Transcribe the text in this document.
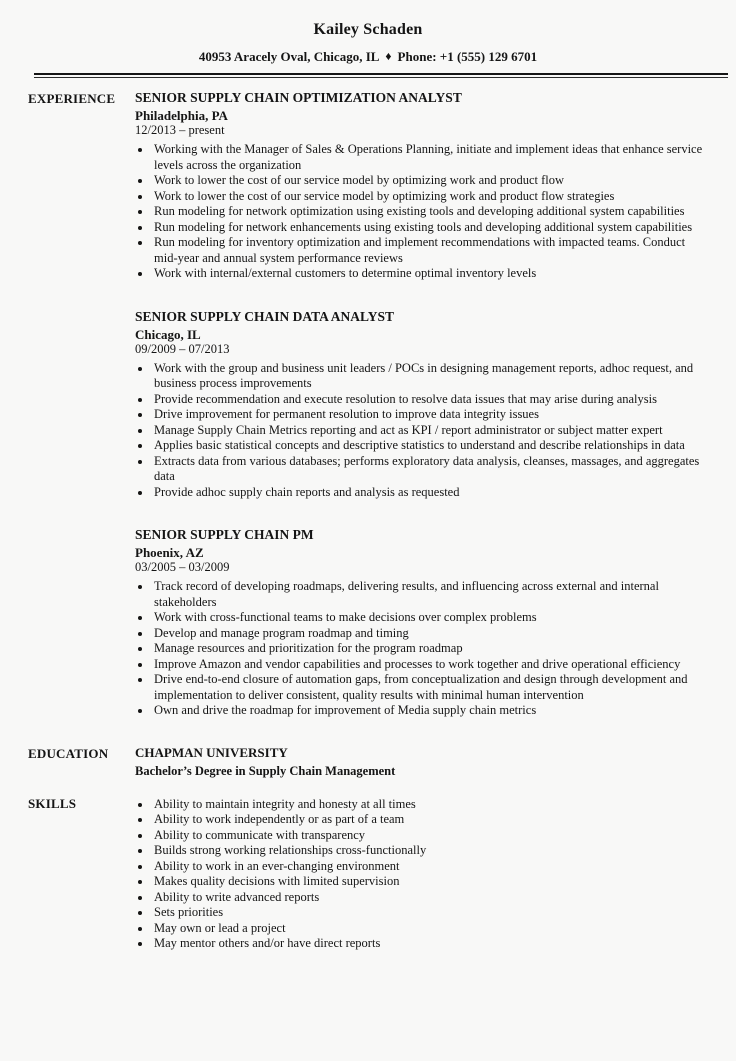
Kailey Schaden
40953 Aracely Oval, Chicago, IL ♦ Phone: +1 (555) 129 6701
EXPERIENCE	SENIOR SUPPLY CHAIN OPTIMIZATION ANALYST
Philadelphia, PA
12/2013 – present
• Working with the Manager of Sales & Operations Planning, initiate and implement ideas that enhance service levels across the organization
• Work to lower the cost of our service model by optimizing work and product flow
• Work to lower the cost of our service model by optimizing work and product flow strategies
• Run modeling for network optimization using existing tools and developing additional system capabilities
• Run modeling for network enhancements using existing tools and developing additional system capabilities
• Run modeling for inventory optimization and implement recommendations with impacted teams. Conduct mid-year and annual system performance reviews
• Work with internal/external customers to determine optimal inventory levels
SENIOR SUPPLY CHAIN DATA ANALYST
Chicago, IL
09/2009 – 07/2013
• Work with the group and business unit leaders / POCs in designing management reports, adhoc request, and business process improvements
• Provide recommendation and execute resolution to resolve data issues that may arise during analysis
• Drive improvement for permanent resolution to improve data integrity issues
• Manage Supply Chain Metrics reporting and act as KPI / report administrator or subject matter expert
• Applies basic statistical concepts and descriptive statistics to understand and describe relationships in data
• Extracts data from various databases; performs exploratory data analysis, cleanses, massages, and aggregates data
• Provide adhoc supply chain reports and analysis as requested
SENIOR SUPPLY CHAIN PM
Phoenix, AZ
03/2005 – 03/2009
• Track record of developing roadmaps, delivering results, and influencing across external and internal stakeholders
• Work with cross-functional teams to make decisions over complex problems
• Develop and manage program roadmap and timing
• Manage resources and prioritization for the program roadmap
• Improve Amazon and vendor capabilities and processes to work together and drive operational efficiency
• Drive end-to-end closure of automation gaps, from conceptualization and design through development and implementation to deliver consistent, quality results with minimal human intervention
• Own and drive the roadmap for improvement of Media supply chain metrics
EDUCATION	CHAPMAN UNIVERSITY
Bachelor’s Degree in Supply Chain Management
SKILLS	• Ability to maintain integrity and honesty at all times
• Ability to work independently or as part of a team
• Ability to communicate with transparency
• Builds strong working relationships cross-functionally
• Ability to work in an ever-changing environment
• Makes quality decisions with limited supervision
• Ability to write advanced reports
• Sets priorities
• May own or lead a project
• May mentor others and/or have direct reports
